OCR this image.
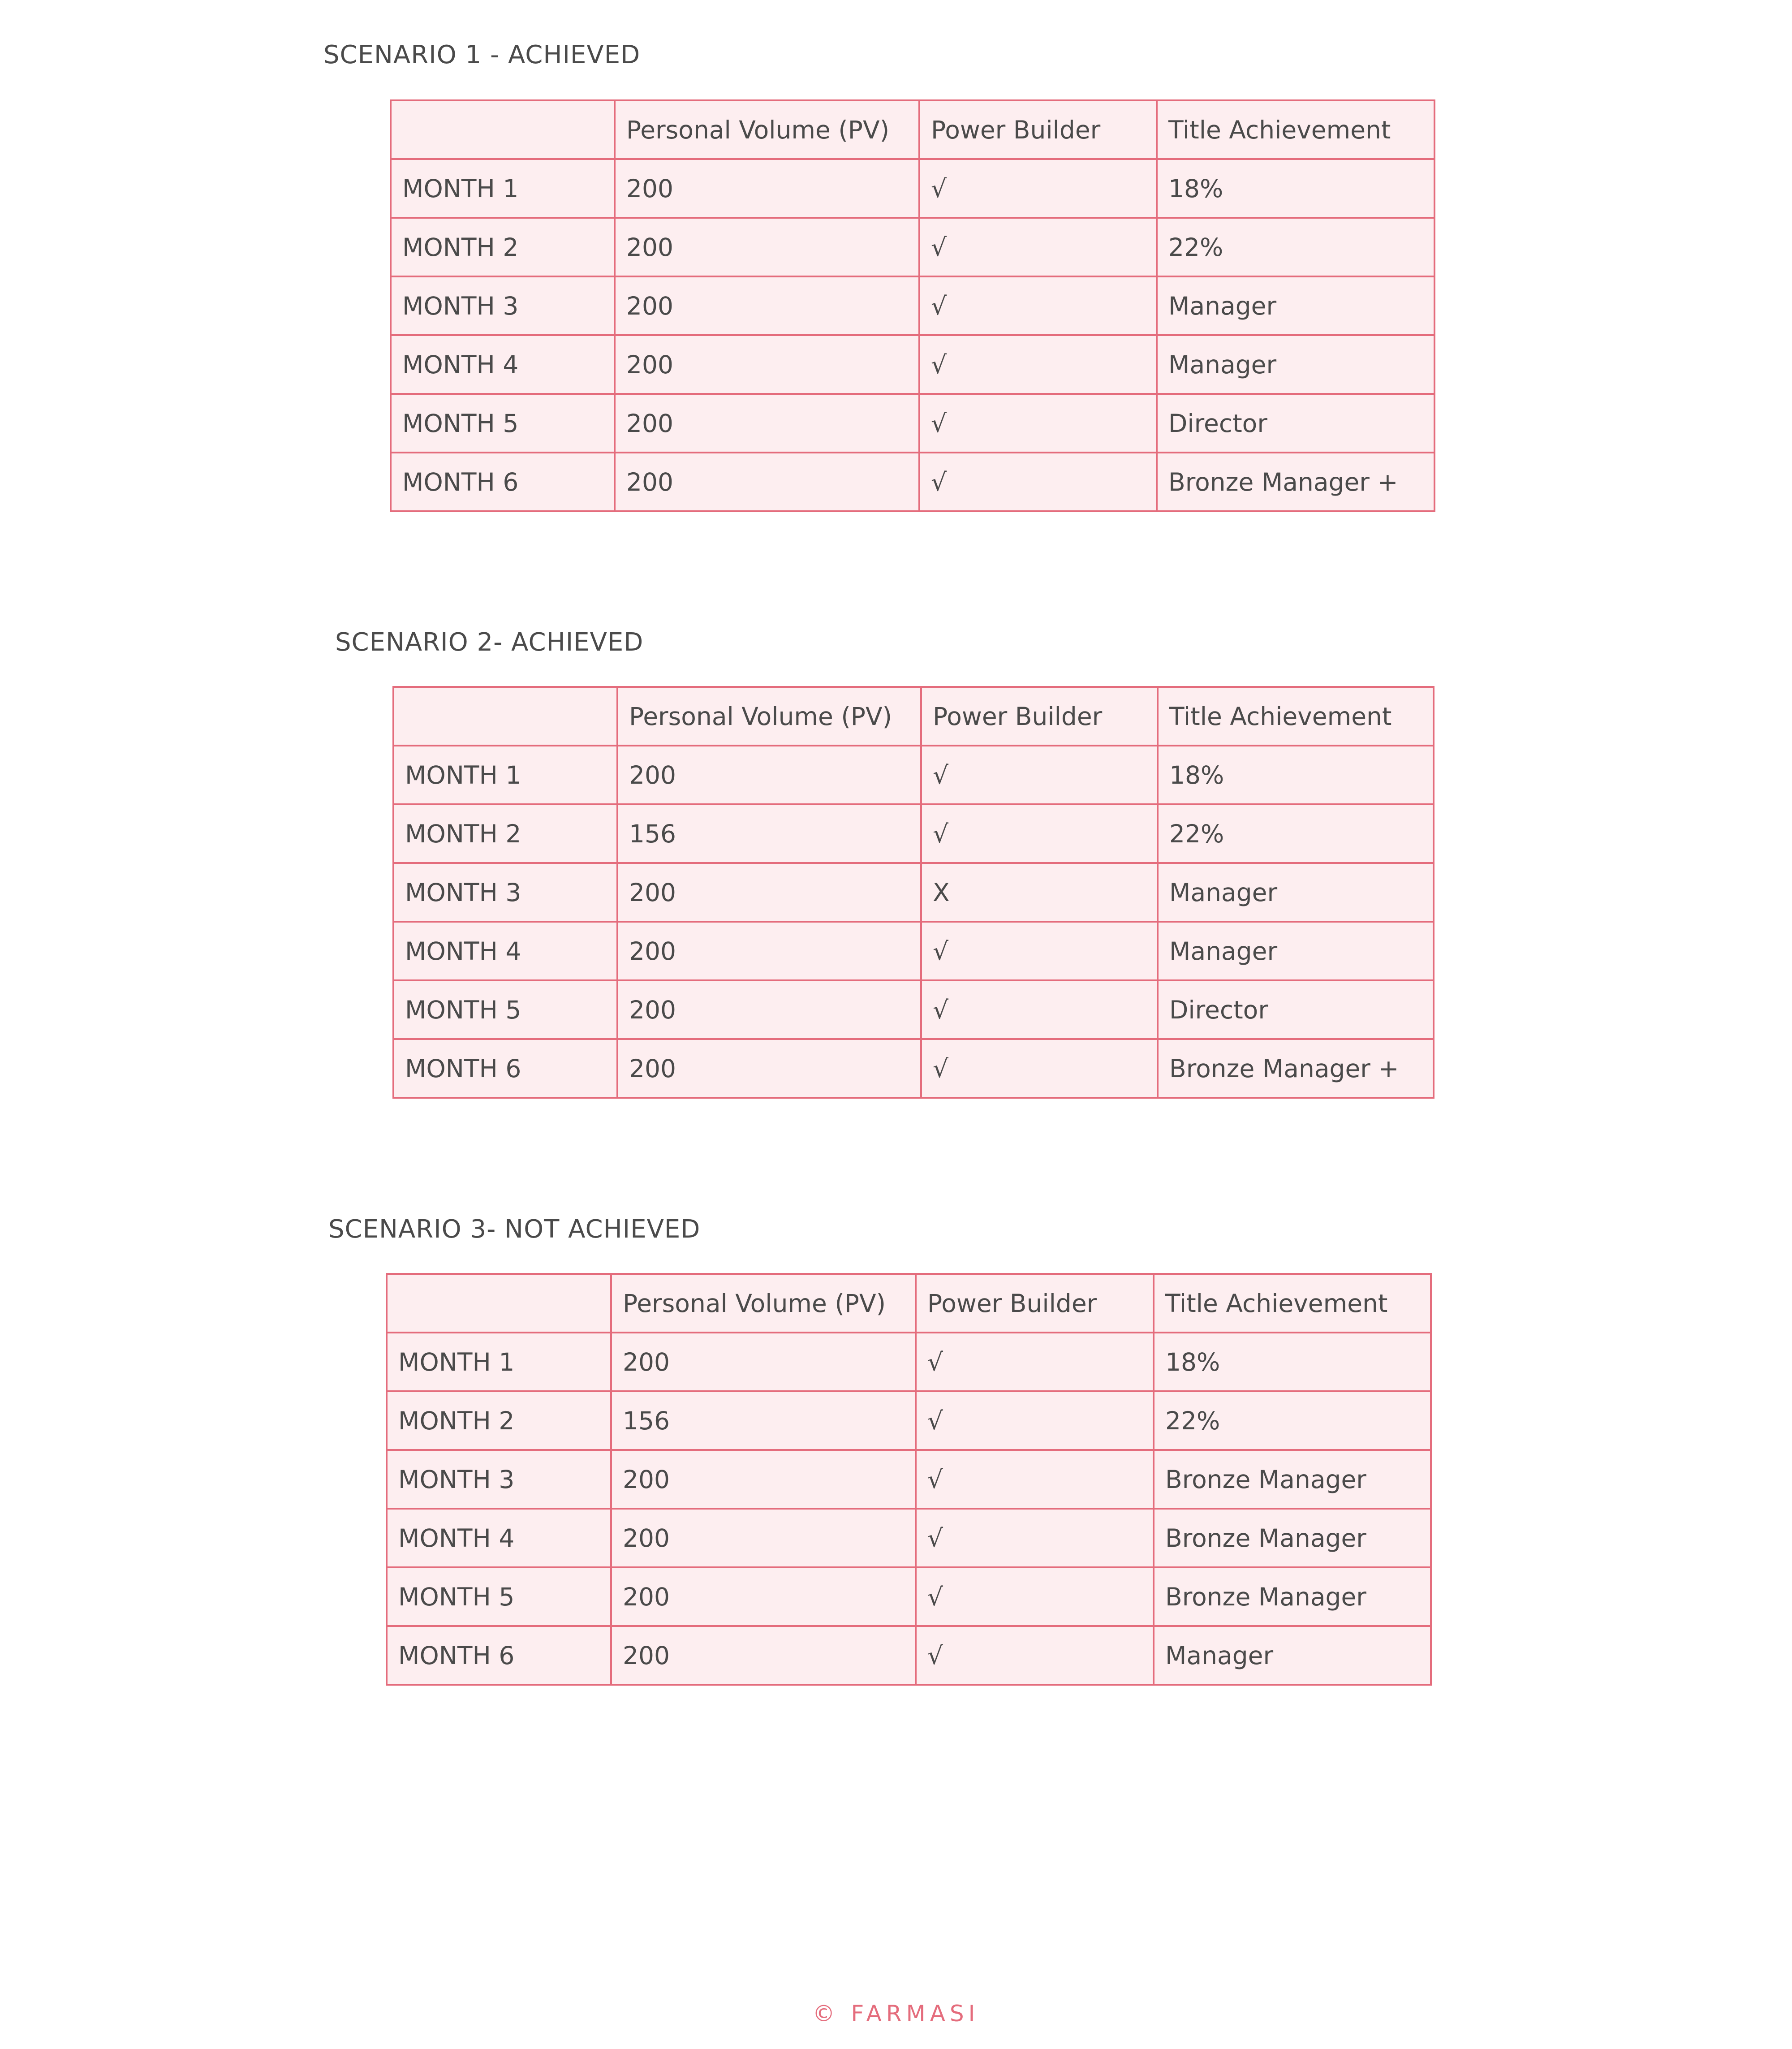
SCENARIO 1 - ACHIEVED
	Personal Volume (PV)	Power Builder	Title Achievement
MONTH 1	200	√	18%
MONTH 2	200	√	22%
MONTH 3	200	√	Manager
MONTH 4	200	√	Manager
MONTH 5	200	√	Director
MONTH 6	200	√	Bronze Manager +
SCENARIO 2- ACHIEVED
	Personal Volume (PV)	Power Builder	Title Achievement
MONTH 1	200	√	18%
MONTH 2	156	√	22%
MONTH 3	200	X	Manager
MONTH 4	200	√	Manager
MONTH 5	200	√	Director
MONTH 6	200	√	Bronze Manager +
SCENARIO 3- NOT ACHIEVED
	Personal Volume (PV)	Power Builder	Title Achievement
MONTH 1	200	√	18%
MONTH 2	156	√	22%
MONTH 3	200	√	Bronze Manager
MONTH 4	200	√	Bronze Manager
MONTH 5	200	√	Bronze Manager
MONTH 6	200	√	Manager
© FARMASI
